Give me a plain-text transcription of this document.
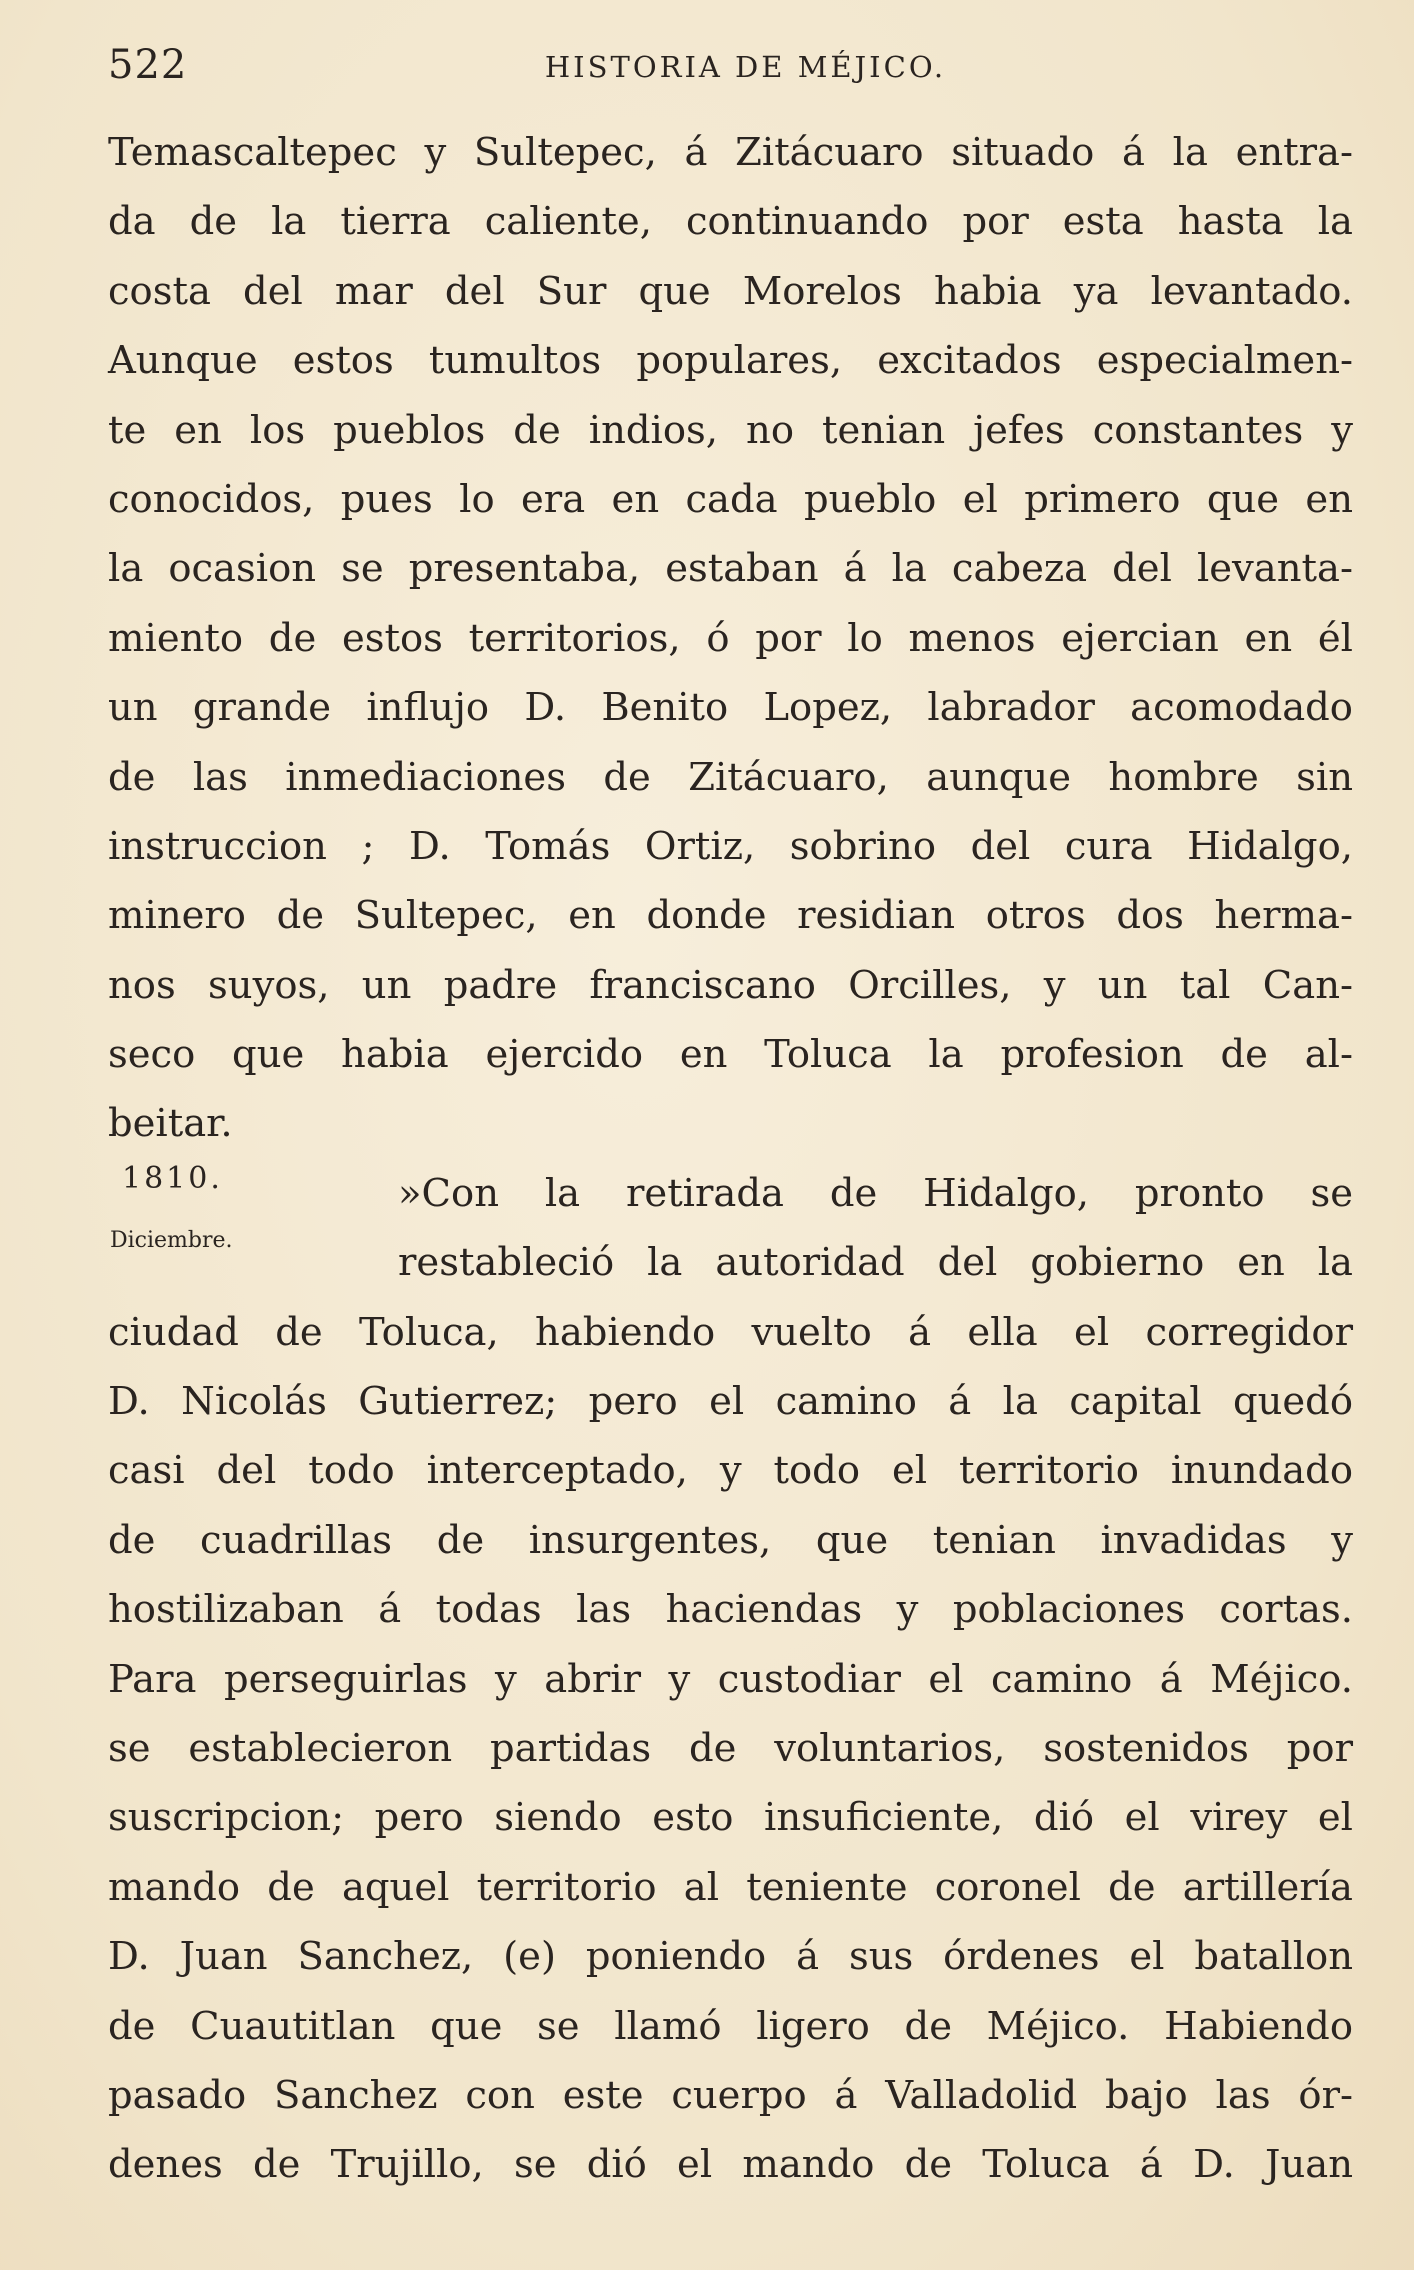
522	HISTORIA DE MÉJICO.
Temascaltepec y Sultepec, á Zitácuaro situado á la entra-
da de la tierra caliente, continuando por esta hasta la
costa del mar del Sur que Morelos habia ya levantado.
Aunque estos tumultos populares, excitados especialmen-
te en los pueblos de indios, no tenian jefes constantes y
conocidos, pues lo era en cada pueblo el primero que en
la ocasion se presentaba, estaban á la cabeza del levanta-
miento de estos territorios, ó por lo menos ejercian en él
un grande influjo D. Benito Lopez, labrador acomodado
de las inmediaciones de Zitácuaro, aunque hombre sin
instruccion ; D. Tomás Ortiz, sobrino del cura Hidalgo,
minero de Sultepec, en donde residian otros dos herma-
nos suyos, un padre franciscano Orcilles, y un tal Can-
seco que habia ejercido en Toluca la profesion de al-
beitar.
»Con la retirada de Hidalgo, pronto se
restableció la autoridad del gobierno en la
ciudad de Toluca, habiendo vuelto á ella el corregidor
D. Nicolás Gutierrez; pero el camino á la capital quedó
casi del todo interceptado, y todo el territorio inundado
de cuadrillas de insurgentes, que tenian invadidas y
hostilizaban á todas las haciendas y poblaciones cortas.
Para perseguirlas y abrir y custodiar el camino á Méjico.
se establecieron partidas de voluntarios, sostenidos por
suscripcion; pero siendo esto insuficiente, dió el virey el
mando de aquel territorio al teniente coronel de artillería
D. Juan Sanchez, (e) poniendo á sus órdenes el batallon
de Cuautitlan que se llamó ligero de Méjico. Habiendo
pasado Sanchez con este cuerpo á Valladolid bajo las ór-
denes de Trujillo, se dió el mando de Toluca á D. Juan
1810.
Diciembre.
